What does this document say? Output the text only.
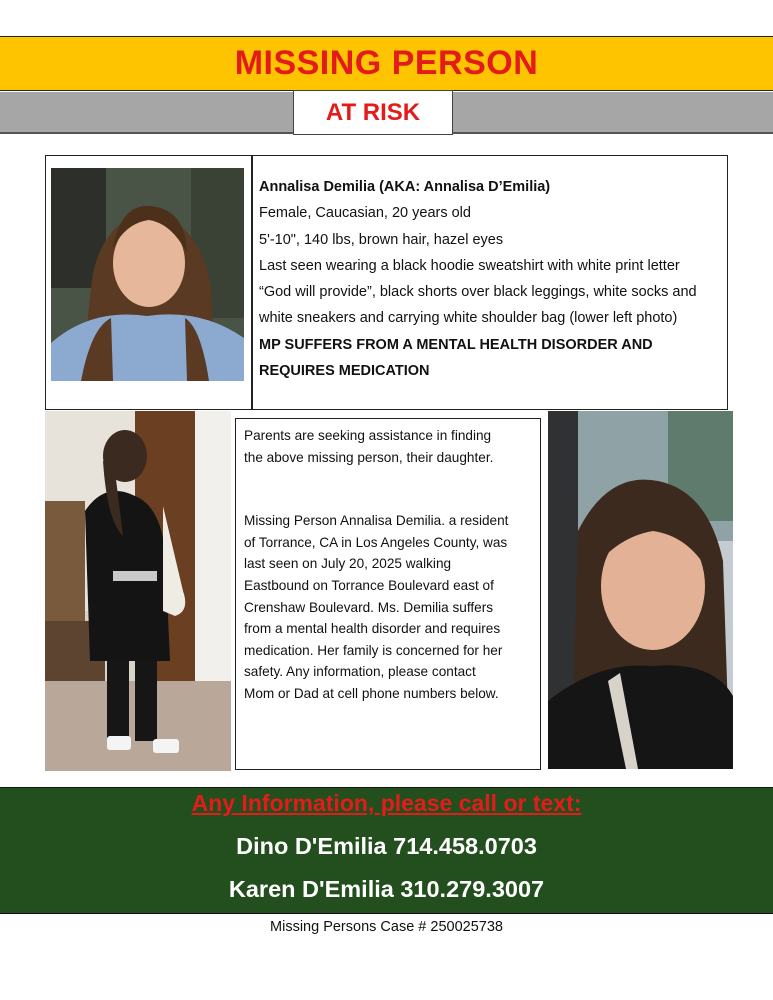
MISSING PERSON
AT RISK
Annalisa Demilia (AKA: Annalisa D’Emilia)
Female, Caucasian, 20 years old
5'-10", 140 lbs, brown hair, hazel eyes
Last seen wearing a black hoodie sweatshirt with white print letter
“God will provide”, black shorts over black leggings, white socks and
white sneakers and carrying white shoulder bag (lower left photo)
MP SUFFERS FROM A MENTAL HEALTH DISORDER AND
REQUIRES MEDICATION

Parents are seeking assistance in finding
the above missing person, their daughter.

Missing Person Annalisa Demilia. a resident
of Torrance, CA in Los Angeles County, was
last seen on July 20, 2025 walking
Eastbound on Torrance Boulevard east of
Crenshaw Boulevard. Ms. Demilia suffers
from a mental health disorder and requires
medication. Her family is concerned for her
safety. Any information, please contact
Mom or Dad at cell phone numbers below.

Any Information, please call or text:
Dino D'Emilia 714.458.0703
Karen D'Emilia 310.279.3007
Missing Persons Case # 250025738
